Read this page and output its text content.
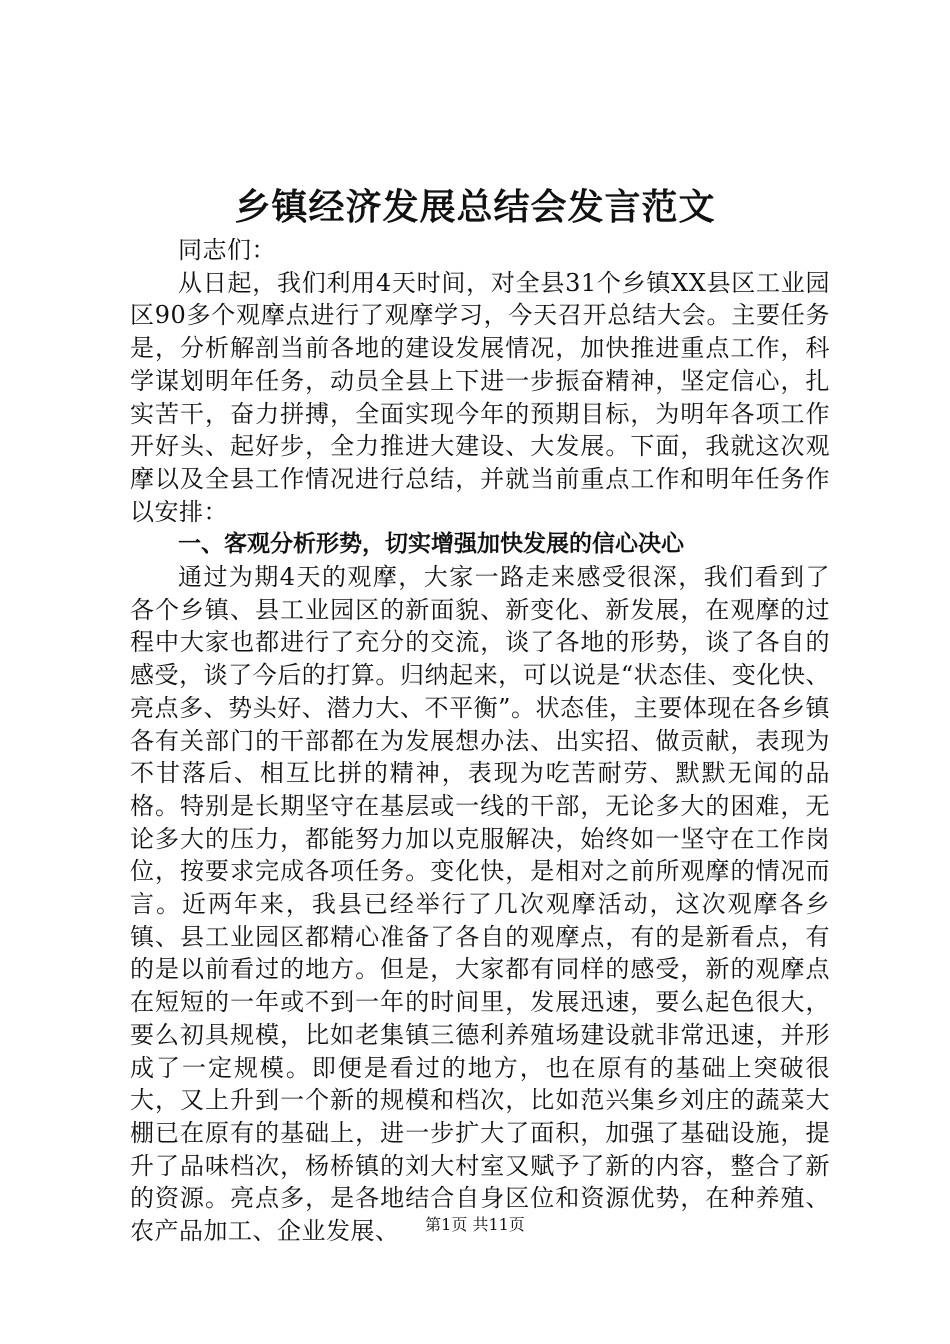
乡镇经济发展总结会发言范文

同志们：

从日起，我们利用4天时间，对全县31个乡镇XX县区工业园区90多个观摩点进行了观摩学习，今天召开总结大会。主要任务是，分析解剖当前各地的建设发展情况，加快推进重点工作，科学谋划明年任务，动员全县上下进一步振奋精神，坚定信心，扎实苦干，奋力拼搏，全面实现今年的预期目标，为明年各项工作开好头、起好步，全力推进大建设、大发展。下面，我就这次观摩以及全县工作情况进行总结，并就当前重点工作和明年任务作以安排：

一、客观分析形势，切实增强加快发展的信心决心

通过为期4天的观摩，大家一路走来感受很深，我们看到了各个乡镇、县工业园区的新面貌、新变化、新发展，在观摩的过程中大家也都进行了充分的交流，谈了各地的形势，谈了各自的感受，谈了今后的打算。归纳起来，可以说是“状态佳、变化快、亮点多、势头好、潜力大、不平衡”。状态佳，主要体现在各乡镇各有关部门的干部都在为发展想办法、出实招、做贡献，表现为不甘落后、相互比拼的精神，表现为吃苦耐劳、默默无闻的品格。特别是长期坚守在基层或一线的干部，无论多大的困难，无论多大的压力，都能努力加以克服解决，始终如一坚守在工作岗位，按要求完成各项任务。变化快，是相对之前所观摩的情况而言。近两年来，我县已经举行了几次观摩活动，这次观摩各乡镇、县工业园区都精心准备了各自的观摩点，有的是新看点，有的是以前看过的地方。但是，大家都有同样的感受，新的观摩点在短短的一年或不到一年的时间里，发展迅速，要么起色很大，要么初具规模，比如老集镇三德利养殖场建设就非常迅速，并形成了一定规模。即便是看过的地方，也在原有的基础上突破很大，又上升到一个新的规模和档次，比如范兴集乡刘庄的蔬菜大棚已在原有的基础上，进一步扩大了面积，加强了基础设施，提升了品味档次，杨桥镇的刘大村室又赋予了新的内容，整合了新的资源。亮点多，是各地结合自身区位和资源优势，在种养殖、农产品加工、企业发展、	第1页 共11页
